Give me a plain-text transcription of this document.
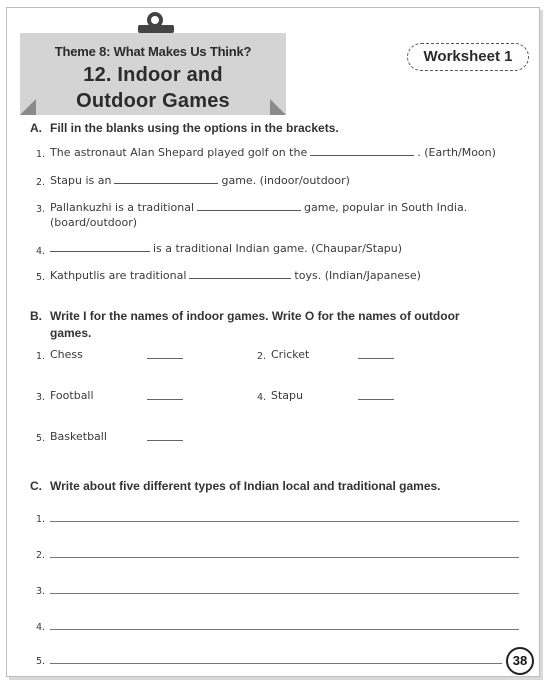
Theme 8: What Makes Us Think?
12. Indoor and
Outdoor Games
Worksheet 1
A. Fill in the blanks using the options in the brackets.
1. The astronaut Alan Shepard played golf on the	. (Earth/Moon)
2. Stapu is an	game. (indoor/outdoor)
3. Pallankuzhi is a traditional	game, popular in South India.
(board/outdoor)
4.	is a traditional Indian game. (Chaupar/Stapu)
5. Kathputlis are traditional	toys. (Indian/Japanese)
B. Write I for the names of indoor games. Write O for the names of outdoor
games.
1. Chess	2. Cricket
3. Football	4. Stapu
5. Basketball
C. Write about five different types of Indian local and traditional games.
1.
2.
3.
4.
5.	38
